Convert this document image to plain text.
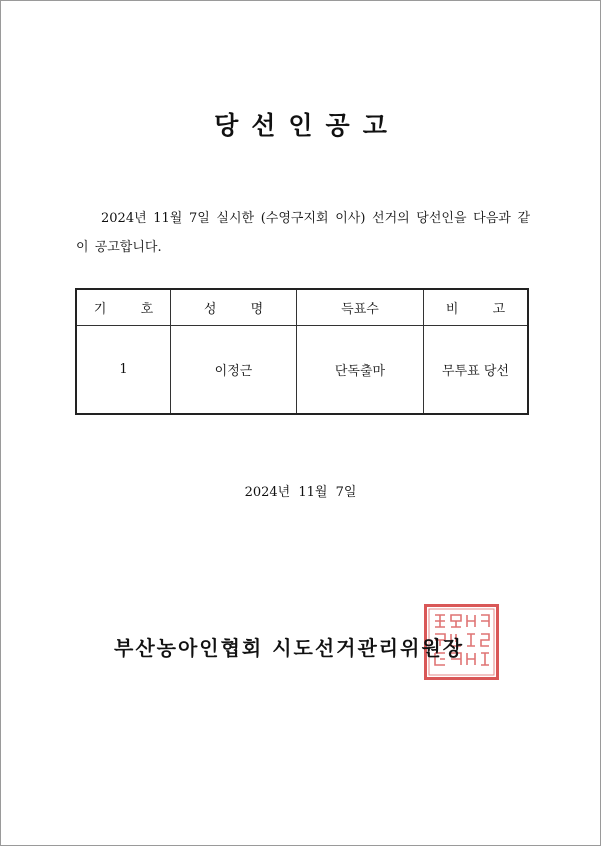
당선인공고
2024년 11월 7일 실시한 (수영구지회 이사) 선거의 당선인을 다음과 같이 공고합니다.
기 호	성 명	득표수	비 고
1	이정근	단독출마	무투표 당선
2024년 11월 7일
부산농아인협회 시도선거관리위원장
